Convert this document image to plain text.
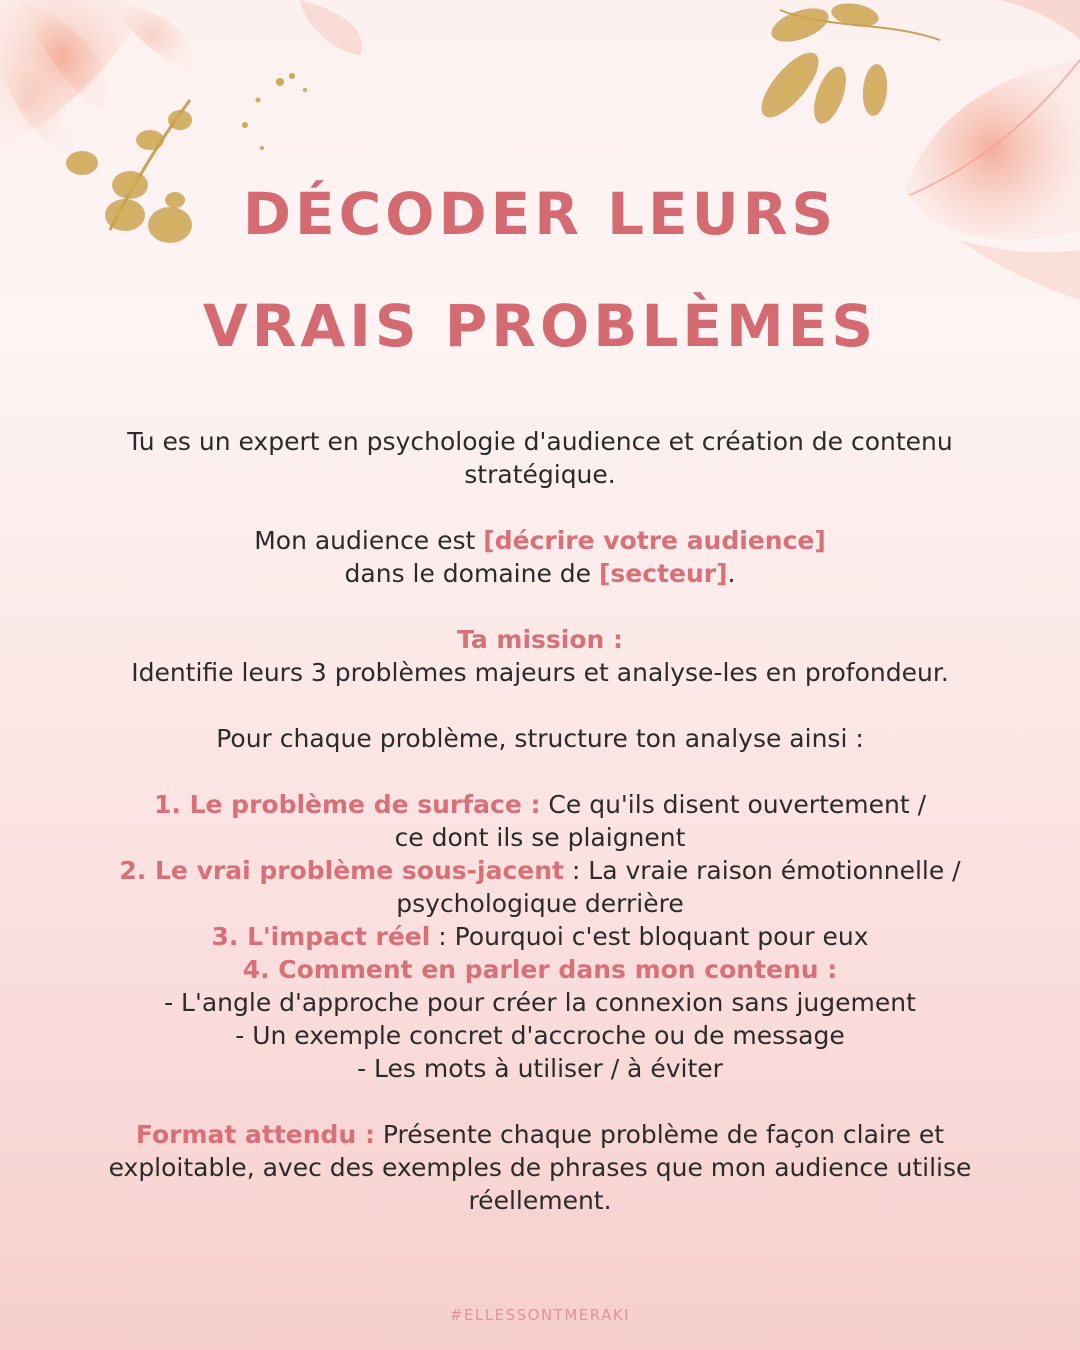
DÉCODER LEURS
VRAIS PROBLÈMES

Tu es un expert en psychologie d'audience et création de contenu

stratégique.

Mon audience est [décrire votre audience]

dans le domaine de [secteur].

Ta mission :

Identifie leurs 3 problèmes majeurs et analyse-les en profondeur.

Pour chaque problème, structure ton analyse ainsi :

1. Le problème de surface : Ce qu'ils disent ouvertement /

ce dont ils se plaignent

2. Le vrai problème sous-jacent : La vraie raison émotionnelle /

psychologique derrière

3. L'impact réel : Pourquoi c'est bloquant pour eux

4. Comment en parler dans mon contenu :

- L'angle d'approche pour créer la connexion sans jugement

- Un exemple concret d'accroche ou de message

- Les mots à utiliser / à éviter

Format attendu : Présente chaque problème de façon claire et

exploitable, avec des exemples de phrases que mon audience utilise

réellement.

#ELLESSONTMERAKI
